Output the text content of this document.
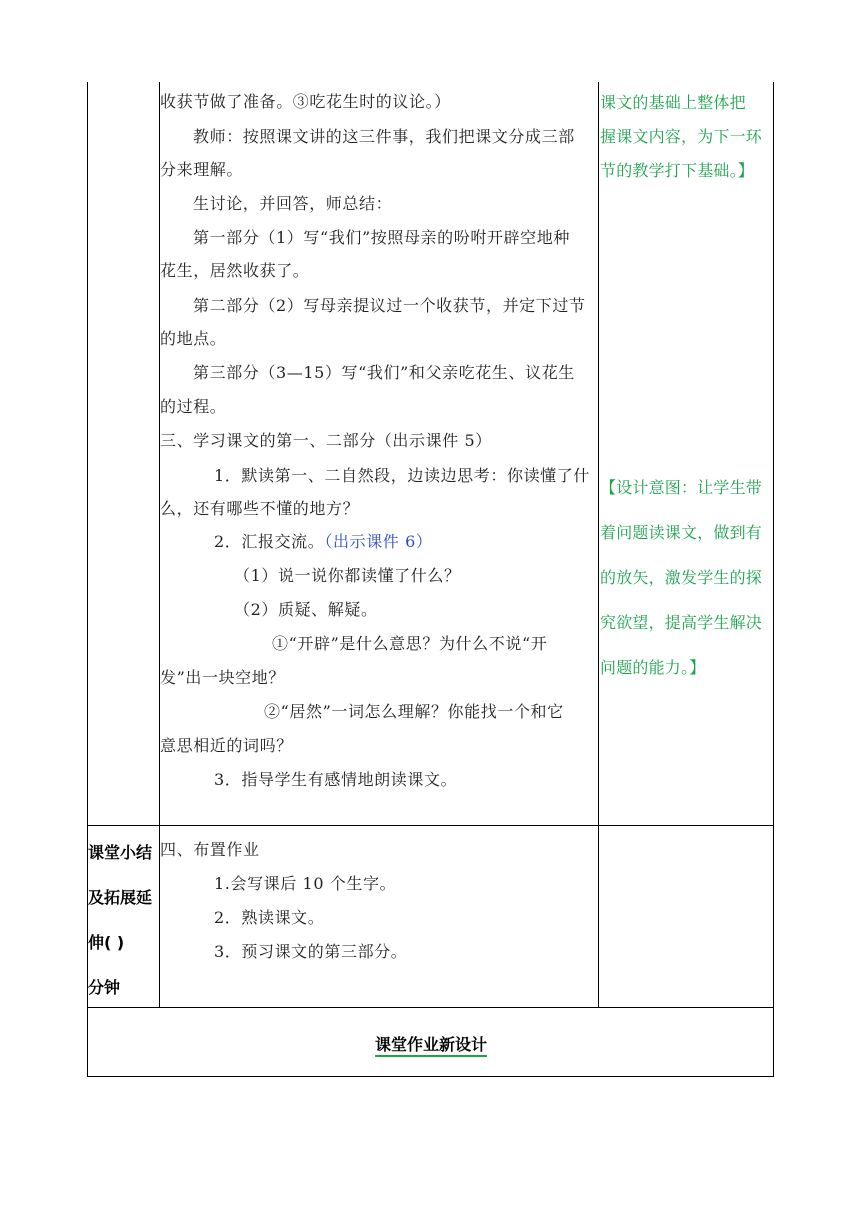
收获节做了准备。③吃花生时的议论。）
教师：按照课文讲的这三件事，我们把课文分成三部
分来理解。
生讨论，并回答，师总结：
第一部分（1）写“我们”按照母亲的吩咐开辟空地种
花生，居然收获了。
第二部分（2）写母亲提议过一个收获节，并定下过节
的地点。
第三部分（3—15）写“我们”和父亲吃花生、议花生
的过程。
三、学习课文的第一、二部分（出示课件 5）
1．默读第一、二自然段，边读边思考：你读懂了什
么，还有哪些不懂的地方？
2．汇报交流。（出示课件 6）
（1）说一说你都读懂了什么？
（2）质疑、解疑。
①“开辟”是什么意思？为什么不说“开
发”出一块空地？
②“居然”一词怎么理解？你能找一个和它
意思相近的词吗？
3．指导学生有感情地朗读课文。
课文的基础上整体把
握课文内容，为下一环
节的教学打下基础。】
【设计意图：让学生带
着问题读课文，做到有
的放矢，激发学生的探
究欲望，提高学生解决
问题的能力。】
课堂小结
及拓展延
伸( )
分钟
四、布置作业
1.会写课后 10 个生字。
2．熟读课文。
3．预习课文的第三部分。
课堂作业新设计
